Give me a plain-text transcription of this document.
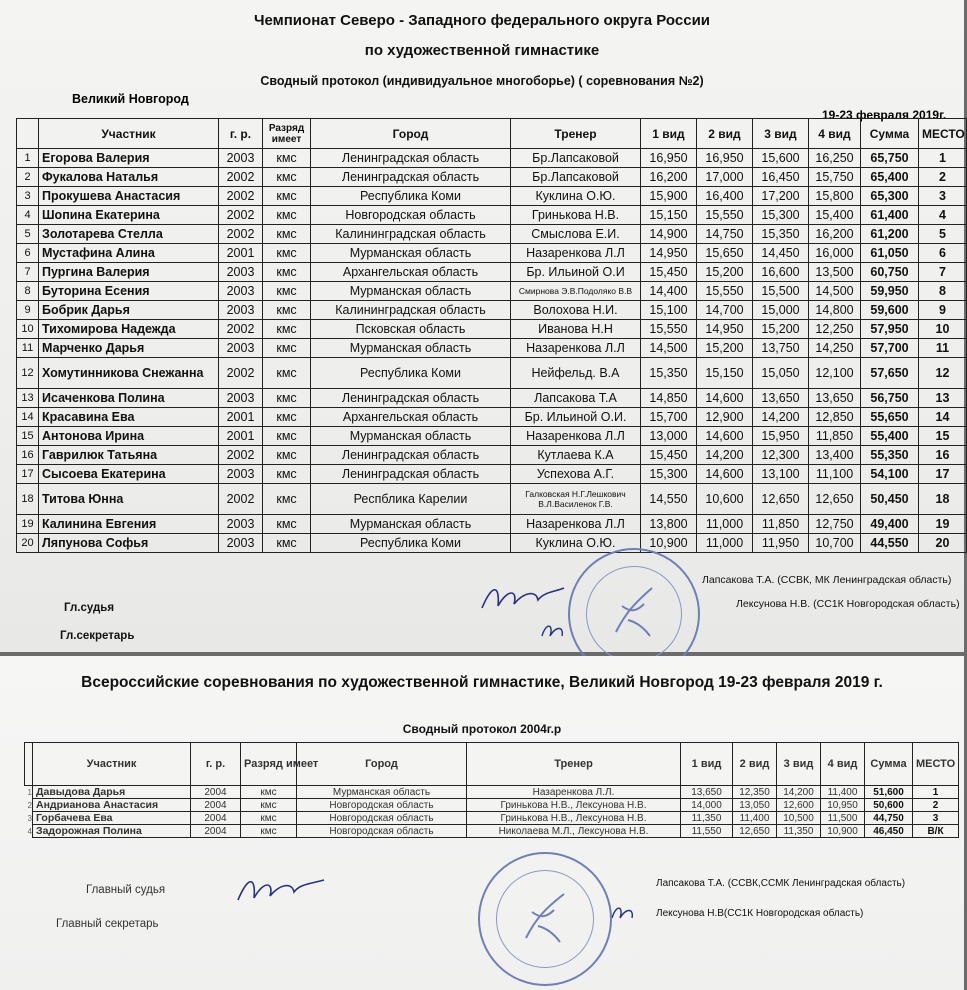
Чемпионат Северо - Западного федерального округа России
по художественной гимнастике
Сводный протокол (индивидуальное многоборье) ( соревнования №2)
Великий Новгород
19-23 февраля 2019г.
	Участник	г. р.	Разряд имеет	Город	Тренер	1 вид	2 вид	3 вид	4 вид	Сумма	МЕСТО
1	Егорова Валерия	2003	кмс	Ленинградская область	Бр.Лапсаковой	16,950	16,950	15,600	16,250	65,750	1
2	Фукалова Наталья	2002	кмс	Ленинградская область	Бр.Лапсаковой	16,200	17,000	16,450	15,750	65,400	2
3	Прокушева Анастасия	2002	кмс	Республика Коми	Куклина О.Ю.	15,900	16,400	17,200	15,800	65,300	3
4	Шопина Екатерина	2002	кмс	Новгородская область	Гринькова Н.В.	15,150	15,550	15,300	15,400	61,400	4
5	Золотарева Стелла	2002	кмс	Калининградская область	Смыслова Е.И.	14,900	14,750	15,350	16,200	61,200	5
6	Мустафина Алина	2001	кмс	Мурманская область	Назаренкова Л.Л	14,950	15,650	14,450	16,000	61,050	6
7	Пургина Валерия	2003	кмс	Архангельская область	Бр. Ильиной О.И	15,450	15,200	16,600	13,500	60,750	7
8	Буторина Есения	2003	кмс	Мурманская область	Смирнова Э.В.Подоляко В.В	14,400	15,550	15,500	14,500	59,950	8
9	Бобрик Дарья	2003	кмс	Калининградская область	Волохова Н.И.	15,100	14,700	15,000	14,800	59,600	9
10	Тихомирова Надежда	2002	кмс	Псковская область	Иванова Н.Н	15,550	14,950	15,200	12,250	57,950	10
11	Марченко Дарья	2003	кмс	Мурманская область	Назаренкова Л.Л	14,500	15,200	13,750	14,250	57,700	11
12	Хомутинникова Снежанна	2002	кмс	Республика Коми	Нейфельд. В.А	15,350	15,150	15,050	12,100	57,650	12
13	Исаченкова Полина	2003	кмс	Ленинградская область	Лапсакова Т.А	14,850	14,600	13,650	13,650	56,750	13
14	Красавина Ева	2001	кмс	Архангельская область	Бр. Ильиной О.И.	15,700	12,900	14,200	12,850	55,650	14
15	Антонова Ирина	2001	кмс	Мурманская область	Назаренкова Л.Л	13,000	14,600	15,950	11,850	55,400	15
16	Гаврилюк Татьяна	2002	кмс	Ленинградская область	Кутлаева К.А	15,450	14,200	12,300	13,400	55,350	16
17	Сысоева Екатерина	2003	кмс	Ленинградская область	Успехова А.Г.	15,300	14,600	13,100	11,100	54,100	17
18	Титова Юнна	2002	кмс	Респблика Карелии	Галковская Н.Г.Лешкович В.Л.Василенок Г.В.	14,550	10,600	12,650	12,650	50,450	18
19	Калинина Евгения	2003	кмс	Мурманская область	Назаренкова Л.Л	13,800	11,000	11,850	12,750	49,400	19
20	Ляпунова Софья	2003	кмс	Республика Коми	Куклина О.Ю.	10,900	11,000	11,950	10,700	44,550	20
Гл.судья
Гл.секретарь
Лапсакова Т.А. (ССВК, МК Ленинградская область)
Лексунова Н.В. (СС1К Новгородская область)
Всероссийские соревнования по художественной гимнастике, Великий Новгород 19-23 февраля 2019 г.
Сводный протокол 2004г.р
	Участник	г. р.	Разряд имеет	Город	Тренер	1 вид	2 вид	3 вид	4 вид	Сумма	МЕСТО
1	Давыдова Дарья	2004	кмс	Мурманская область	Назаренкова Л.Л.	13,650	12,350	14,200	11,400	51,600	1
2	Андрианова Анастасия	2004	кмс	Новгородская область	Гринькова Н.В., Лексунова Н.В.	14,000	13,050	12,600	10,950	50,600	2
3	Горбачева Ева	2004	кмс	Новгородская область	Гринькова Н.В., Лексунова Н.В.	11,350	11,400	10,500	11,500	44,750	3
4	Задорожная Полина	2004	кмс	Новгородская область	Николаева М.Л., Лексунова Н.В.	11,550	12,650	11,350	10,900	46,450	В/К
Главный судья
Главный секретарь
Лапсакова Т.А. (ССВК,ССМК Ленинградская область)
Лексунова Н.В(СС1К Новгородская область)
